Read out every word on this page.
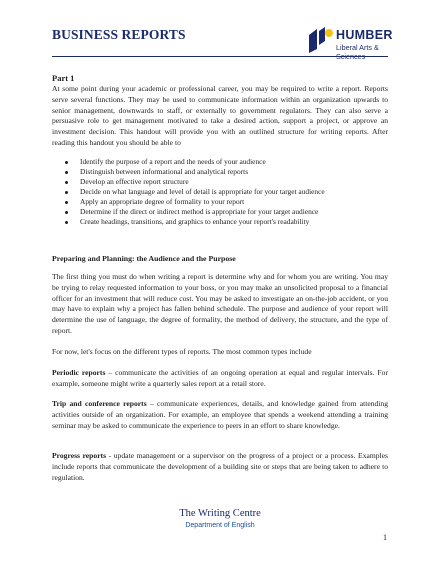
BUSINESS REPORTS	HUMBER
Liberal Arts &
Part 1
At some point during your academic or professional career, you may be required to write a report. Reports serve several functions. They may be used to communicate information within an organization upwards to senior management, downwards to staff, or externally to government regulators. They can also serve a persuasive role to get management motivated to take a desired action, support a project, or approve an investment decision. This handout will provide you with an outlined structure for writing reports. After reading this handout you should be able to
Identify the purpose of a report and the needs of your audience
Distinguish between informational and analytical reports
Develop an effective report structure
Decide on what language and level of detail is appropriate for your target audience
Apply an appropriate degree of formality to your report
Determine if the direct or indirect method is appropriate for your target audience
Create headings, transitions, and graphics to enhance your report's readability
Preparing and Planning: the Audience and the Purpose
The first thing you must do when writing a report is determine why and for whom you are writing. You may be trying to relay requested information to your boss, or you may make an unsolicited proposal to a financial officer for an investment that will reduce cost. You may be asked to investigate an on-the-job accident, or you may have to explain why a project has fallen behind schedule. The purpose and audience of your report will determine the use of language, the degree of formality, the method of delivery, the structure, and the type of report.
For now, let's focus on the different types of reports. The most common types include
Periodic reports – communicate the activities of an ongoing operation at equal and regular intervals. For example, someone might write a quarterly sales report at a retail store.
Trip and conference reports – communicate experiences, details, and knowledge gained from attending activities outside of an organization. For example, an employee that spends a weekend attending a training seminar may be asked to communicate the experience to peers in an effort to share knowledge.
Progress reports - update management or a supervisor on the progress of a project or a process. Examples include reports that communicate the development of a building site or steps that are being taken to adhere to regulation.
The Writing Centre
Department of English
1
